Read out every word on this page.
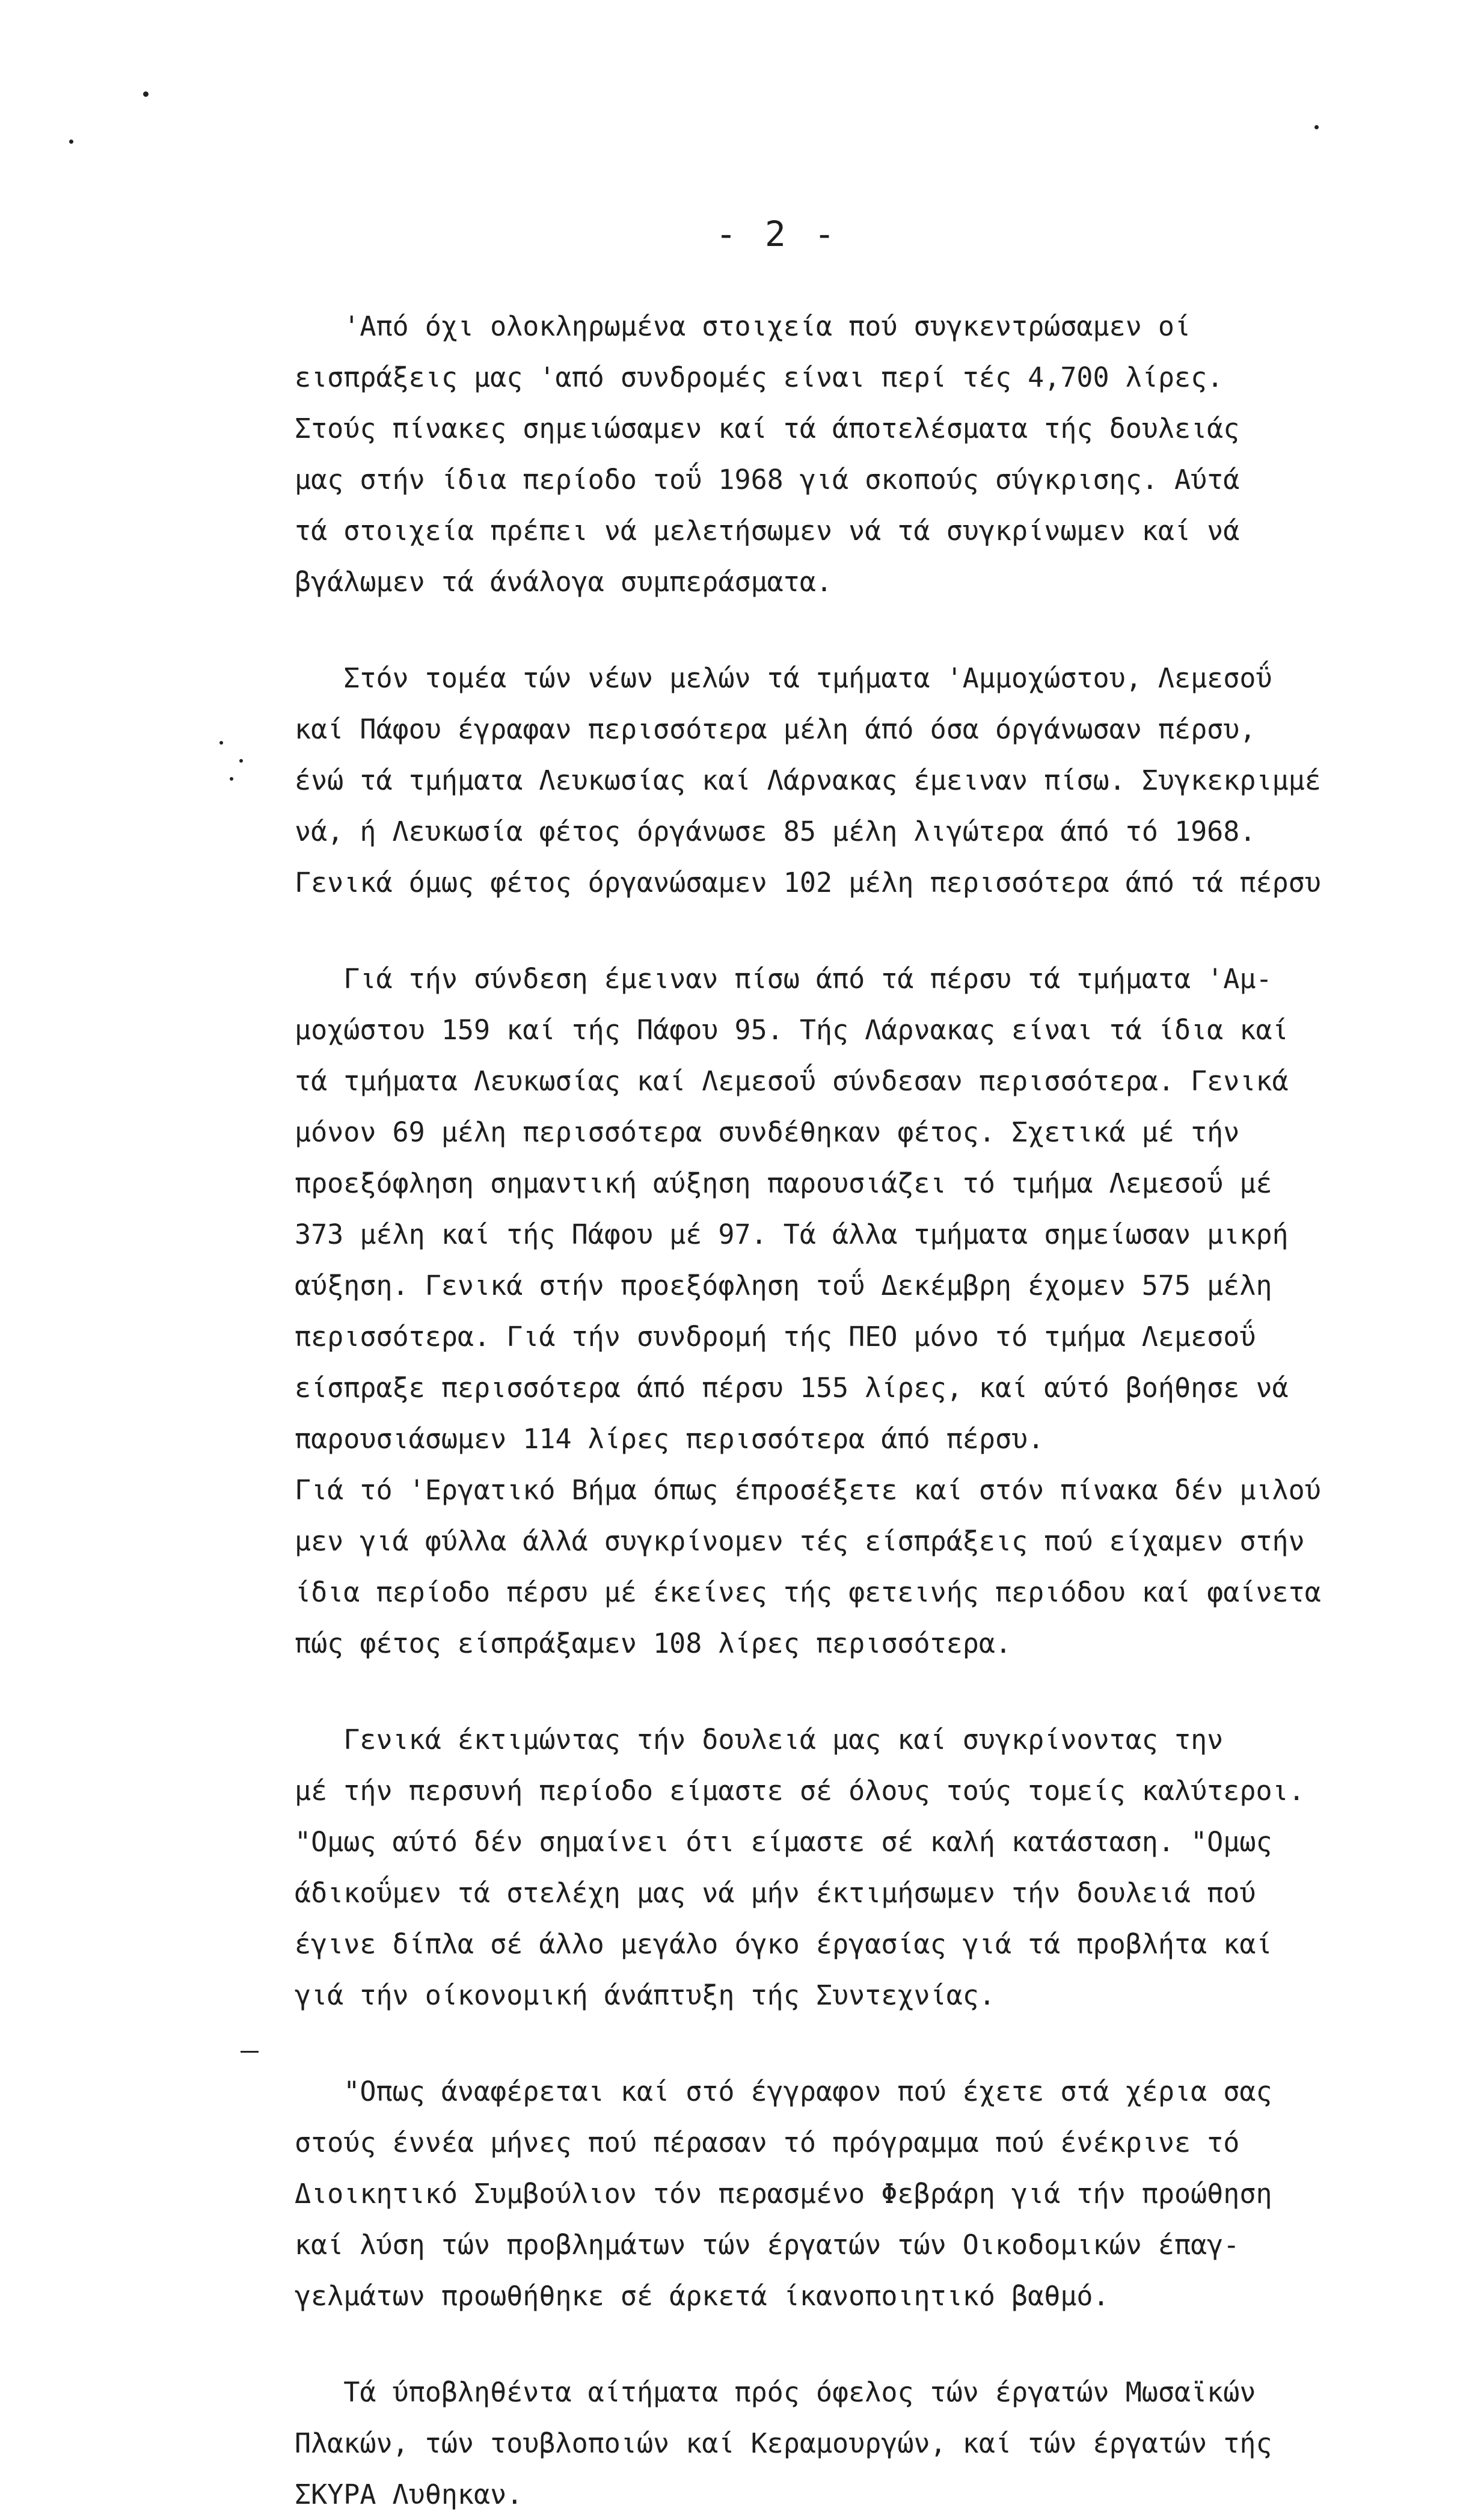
- 2 -
'Από όχι ολοκληρωμένα στοιχεία πού συγκεντρώσαμεν οί
εισπράξεις μας 'από συνδρομές είναι περί τές 4,700 λίρες.
Στούς πίνακες σημειώσαμεν καί τά άποτελέσματα τής δουλειάς
μας στήν ίδια περίοδο τοΰ 1968 γιά σκοπούς σύγκρισης. Αύτά
τά στοιχεία πρέπει νά μελετήσωμεν νά τά συγκρίνωμεν καί νά
βγάλωμεν τά άνάλογα συμπεράσματα.
Στόν τομέα τών νέων μελών τά τμήματα 'Αμμοχώστου, Λεμεσοΰ
καί Πάφου έγραφαν περισσότερα μέλη άπό όσα όργάνωσαν πέρσυ,
ένώ τά τμήματα Λευκωσίας καί Λάρνακας έμειναν πίσω. Συγκεκριμμέ
νά, ή Λευκωσία φέτος όργάνωσε 85 μέλη λιγώτερα άπό τό 1968.
Γενικά όμως φέτος όργανώσαμεν 102 μέλη περισσότερα άπό τά πέρσυ
Γιά τήν σύνδεση έμειναν πίσω άπό τά πέρσυ τά τμήματα 'Αμ-
μοχώστου 159 καί τής Πάφου 95. Τής Λάρνακας είναι τά ίδια καί
τά τμήματα Λευκωσίας καί Λεμεσοΰ σύνδεσαν περισσότερα. Γενικά
μόνον 69 μέλη περισσότερα συνδέθηκαν φέτος. Σχετικά μέ τήν
προεξόφληση σημαντική αύξηση παρουσιάζει τό τμήμα Λεμεσοΰ μέ
373 μέλη καί τής Πάφου μέ 97. Τά άλλα τμήματα σημείωσαν μικρή
αύξηση. Γενικά στήν προεξόφληση τοΰ Δεκέμβρη έχομεν 575 μέλη
περισσότερα. Γιά τήν συνδρομή τής ΠΕΟ μόνο τό τμήμα Λεμεσοΰ
είσπραξε περισσότερα άπό πέρσυ 155 λίρες, καί αύτό βοήθησε νά
παρουσιάσωμεν 114 λίρες περισσότερα άπό πέρσυ.
Γιά τό 'Εργατικό Βήμα όπως έπροσέξετε καί στόν πίνακα δέν μιλού
μεν γιά φύλλα άλλά συγκρίνομεν τές είσπράξεις πού είχαμεν στήν
ίδια περίοδο πέρσυ μέ έκείνες τής φετεινής περιόδου καί φαίνετα
πώς φέτος είσπράξαμεν 108 λίρες περισσότερα.
Γενικά έκτιμώντας τήν δουλειά μας καί συγκρίνοντας την
μέ τήν περσυνή περίοδο είμαστε σέ όλους τούς τομείς καλύτεροι.
"Ομως αύτό δέν σημαίνει ότι είμαστε σέ καλή κατάσταση. "Ομως
άδικοΰμεν τά στελέχη μας νά μήν έκτιμήσωμεν τήν δουλειά πού
έγινε δίπλα σέ άλλο μεγάλο όγκο έργασίας γιά τά προβλήτα καί
γιά τήν οίκονομική άνάπτυξη τής Συντεχνίας.
"Οπως άναφέρεται καί στό έγγραφον πού έχετε στά χέρια σας
στούς έννέα μήνες πού πέρασαν τό πρόγραμμα πού ένέκρινε τό
Διοικητικό Συμβούλιον τόν περασμένο Φεβράρη γιά τήν προώθηση
καί λύση τών προβλημάτων τών έργατών τών Οικοδομικών έπαγ-
γελμάτων προωθήθηκε σέ άρκετά ίκανοποιητικό βαθμό.
Τά ύποβληθέντα αίτήματα πρός όφελος τών έργατών Μωσαϊκών
Πλακών, τών τουβλοποιών καί Κεραμουργών, καί τών έργατών τής
ΣΚΥΡΑ Λυθηκαν.
